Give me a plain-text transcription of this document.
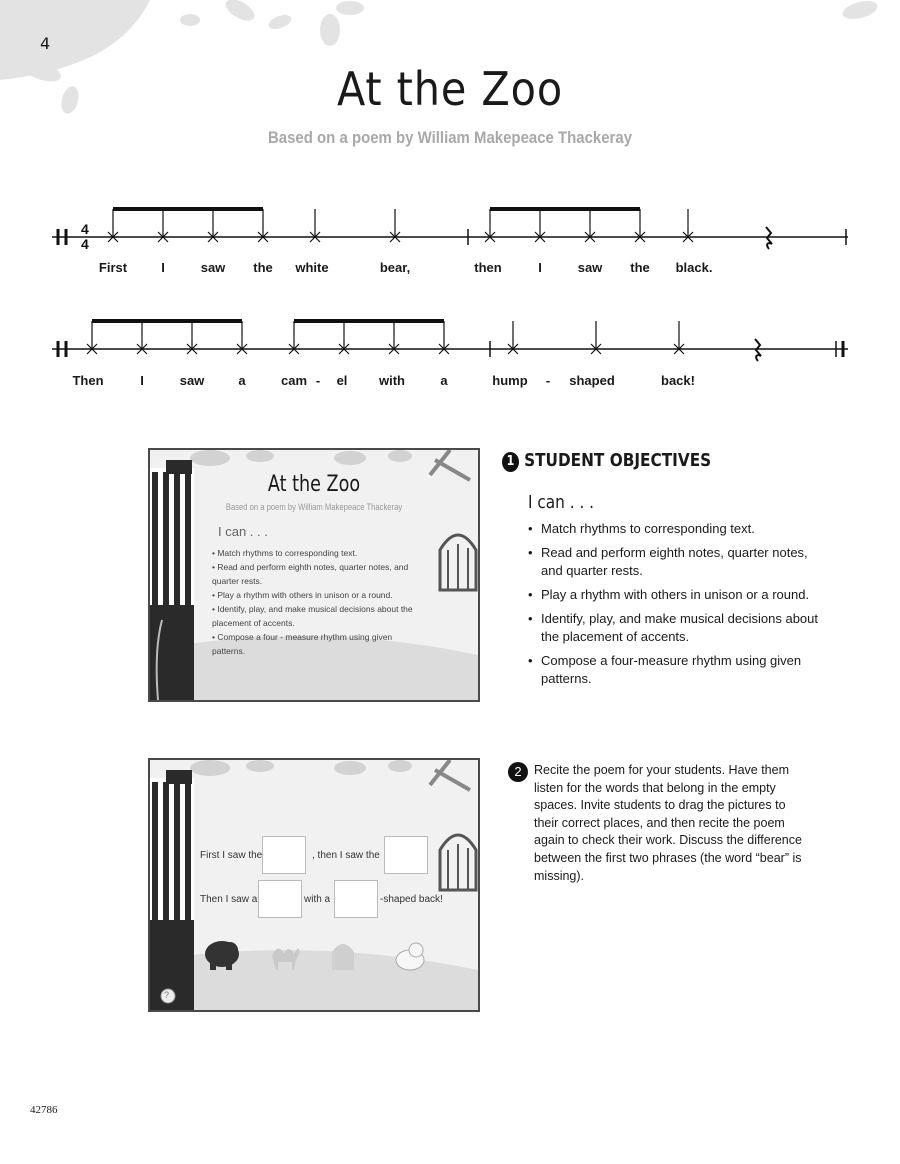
4
At the Zoo
Based on a poem by William Makepeace Thackeray
4
4
First	I	saw the white	bear,	then	I	saw the black.
Then	I	saw	a	cam - el with	a	hump - shaped	back!
At the Zoo
Based on a poem by William Makepeace Thackeray
I can . . .
• Match rhythms to corresponding text.
• Read and perform eighth notes, quarter notes, and quarter rests.
• Play a rhythm with others in unison or a round.
• Identify, play, and make musical decisions about the placement of accents.
• Compose a four - measure rhythm using given patterns.
First I saw the	, then I saw the
Then I saw a	with a	-shaped back!
?
1 STUDENT OBJECTIVES
I can . . .
• Match rhythms to corresponding text.
• Read and perform eighth notes, quarter notes, and quarter rests.
• Play a rhythm with others in unison or a round.
• Identify, play, and make musical decisions about the placement of accents.
• Compose a four-measure rhythm using given patterns.
2 Recite the poem for your students. Have them listen for the words that belong in the empty spaces. Invite students to drag the pictures to their correct places, and then recite the poem again to check their work. Discuss the difference between the first two phrases (the word “bear” is missing).

42786
